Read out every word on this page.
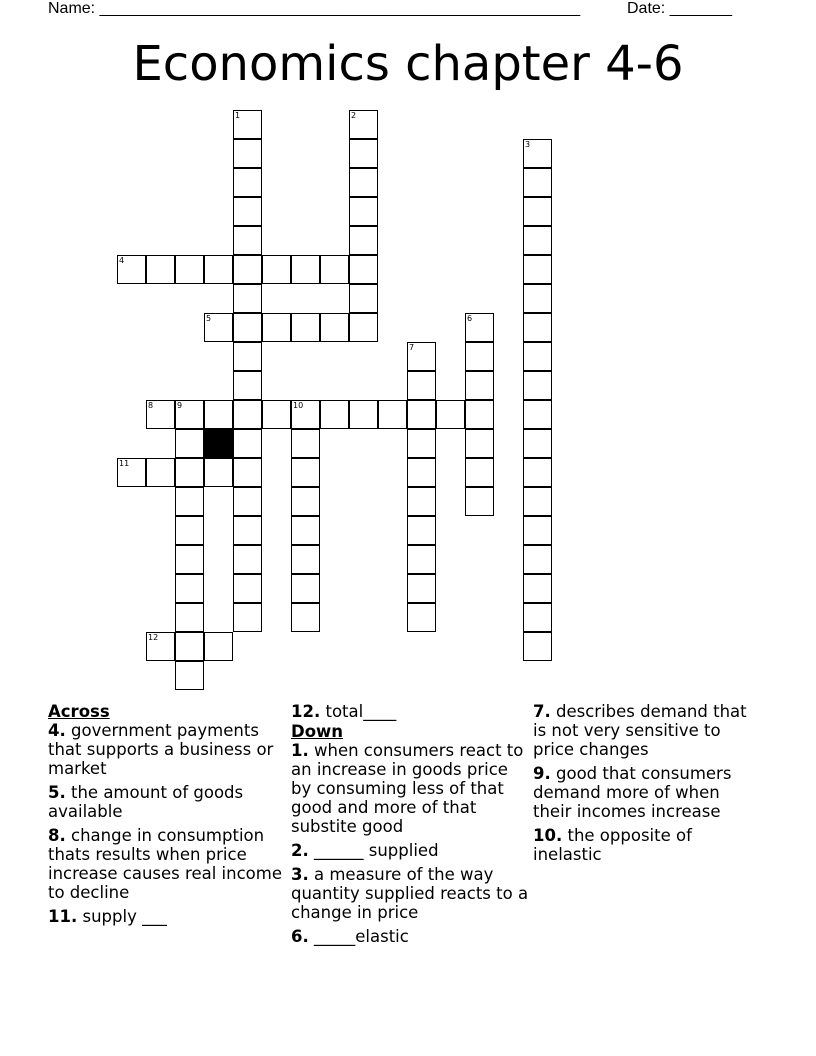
Name: ______________________________________________________	Date: _______
Economics chapter 4-6
1	2
3
4
5	6
7
8	9	10
11
12
Across
4. government payments that supports a business or market
5. the amount of goods available
8. change in consumption thats results when price increase causes real income to decline
11. supply ___
12. total____
Down
1. when consumers react to an increase in goods price by consuming less of that good and more of that substite good
2. ______ supplied
3. a measure of the way quantity supplied reacts to a change in price
6. _____elastic
7. describes demand that is not very sensitive to price changes
9. good that consumers demand more of when their incomes increase
10. the opposite of inelastic
